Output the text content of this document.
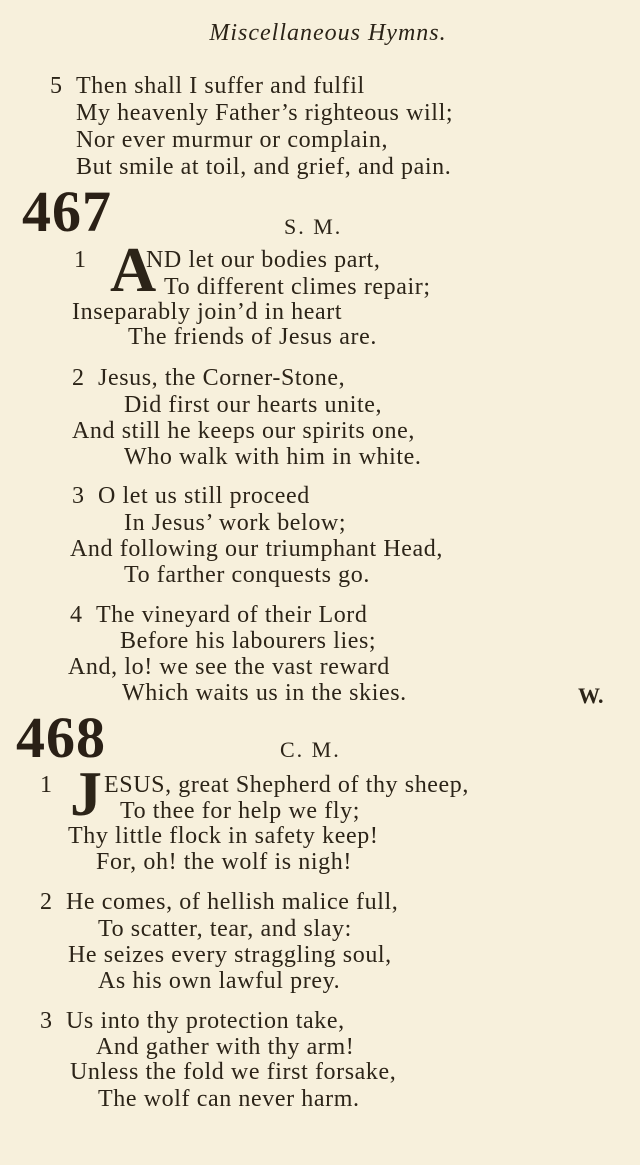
Miscellaneous Hymns.
5 Then shall I suffer and fulfil
My heavenly Father’s righteous will;
Nor ever murmur or complain,
But smile at toil, and grief, and pain.
467	S. M.
1 A
ND let our bodies part,
To different climes repair;
Inseparably join’d in heart
The friends of Jesus are.
2 Jesus, the Corner-Stone,
Did first our hearts unite,
And still he keeps our spirits one,
Who walk with him in white.
3 O let us still proceed
In Jesus’ work below;
And following our triumphant Head,
To farther conquests go.
4 The vineyard of their Lord
Before his labourers lies;
And, lo! we see the vast reward
Which waits us in the skies.	W.
468	C. M.
1 J ESUS, great Shepherd of thy sheep,
To thee for help we fly;
Thy little flock in safety keep!
For, oh! the wolf is nigh!
2 He comes, of hellish malice full,
To scatter, tear, and slay:
He seizes every straggling soul,
As his own lawful prey.
3 Us into thy protection take,
And gather with thy arm!
Unless the fold we first forsake,
The wolf can never harm.
